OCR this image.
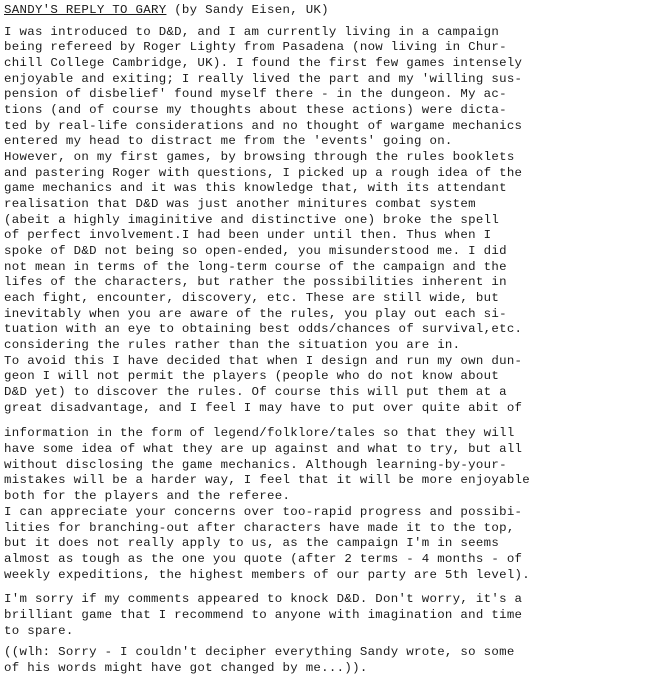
SANDY'S REPLY TO GARY (by Sandy Eisen, UK)
I was introduced to D&D, and I am currently living in a campaign
being refereed by Roger Lighty from Pasadena (now living in Chur-
chill College Cambridge, UK). I found the first few games intensely
enjoyable and exiting; I really lived the part and my 'willing sus-
pension of disbelief' found myself there - in the dungeon. My ac-
tions (and of course my thoughts about these actions) were dicta-
ted by real-life considerations and no thought of wargame mechanics
entered my head to distract me from the 'events' going on.
However, on my first games, by browsing through the rules booklets
and pastering Roger with questions, I picked up a rough idea of the
game mechanics and it was this knowledge that, with its attendant
realisation that D&D was just another minitures combat system
(abeit a highly imaginitive and distinctive one) broke the spell
of perfect involvement.I had been under until then. Thus when I
spoke of D&D not being so open-ended, you misunderstood me. I did
not mean in terms of the long-term course of the campaign and the
lifes of the characters, but rather the possibilities inherent in
each fight, encounter, discovery, etc. These are still wide, but
inevitably when you are aware of the rules, you play out each si-
tuation with an eye to obtaining best odds/chances of survival,etc.
considering the rules rather than the situation you are in.
To avoid this I have decided that when I design and run my own dun-
geon I will not permit the players (people who do not know about
D&D yet) to discover the rules. Of course this will put them at a
great disadvantage, and I feel I may have to put over quite abit of
information in the form of legend/folklore/tales so that they will
have some idea of what they are up against and what to try, but all
without disclosing the game mechanics. Although learning-by-your-
mistakes will be a harder way, I feel that it will be more enjoyable
both for the players and the referee.
I can appreciate your concerns over too-rapid progress and possibi-
lities for branching-out after characters have made it to the top,
but it does not really apply to us, as the campaign I'm in seems
almost as tough as the one you quote (after 2 terms - 4 months - of
weekly expeditions, the highest members of our party are 5th level).
I'm sorry if my comments appeared to knock D&D. Don't worry, it's a
brilliant game that I recommend to anyone with imagination and time
to spare.
((wlh: Sorry - I couldn't decipher everything Sandy wrote, so some
of his words might have got changed by me...)).
